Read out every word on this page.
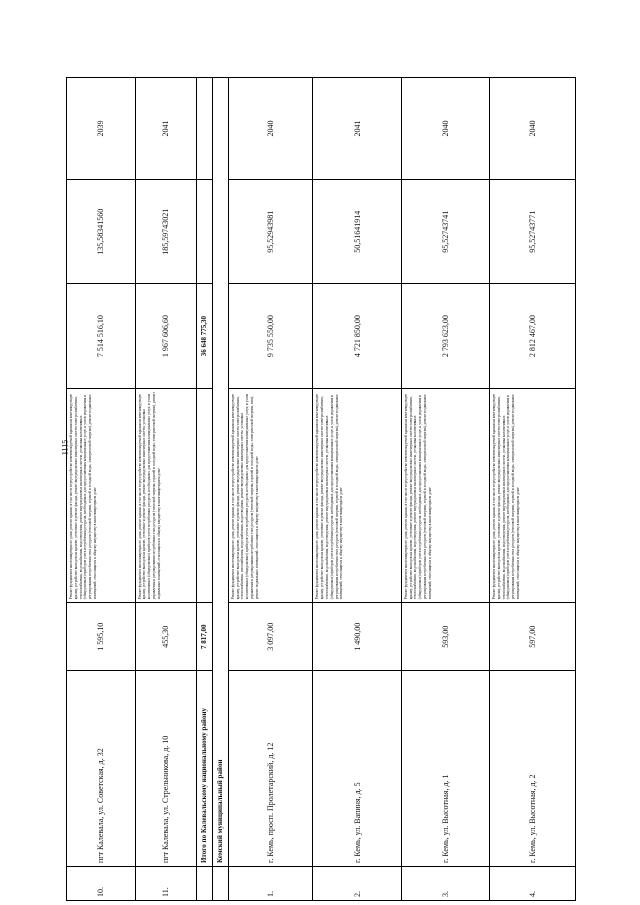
1115
10.	пгт Калевала, ул. Советская, д. 32	1 595,10	Ремонт фундамента многоквартирного дома, ремонт крыши, в том числе переустройство невентилируемой крыши на вентилируемую крышу, устройство выходов на кровлю, утепление и ремонт фасада, ремонт внутридомовых инженерных систем электроснабжения, теплоснабжения, водоснабжения, водоотведения, ремонт внутридомовых инженерных систем, установка коллективных (общедомовых) приборов учета потребления ресурсов, необходимых для предоставления коммунальных услуг, и узлов управления и регулирования потребления этих ресурсов (тепловой энергии, горячей и холодной воды, электрической энергии), ремонт подвальных помещений, относящихся к общему имуществу в многоквартирном доме	7 514 516,10	135,58341560	2039
11.	пгт Калевала, ул. Стрельникова, д. 10	455,30	Ремонт фундамента многоквартирного дома, ремонт крыши, в том числе переустройство невентилируемой крыши на вентилируемую крышу, устройство выходов на кровлю, утепление и ремонт фасада, ремонт внутридомовых инженерных систем, установка коллективных (общедомовых) приборов учета потребления ресурсов, необходимых для предоставления коммунальных услуг, и узлов управления и регулирования потребления этих ресурсов (тепловой энергии, горячей и холодной воды, электрической энергии), ремонт подвальных помещений, относящихся к общему имуществу в многоквартирном доме	1 967 606,60	185,59743021	2041
	Итого по Калевальскому национальному району	7 817,00		36 648 775,30		
	Кемский муниципальный район					
1.	г. Кемь, просп. Пролетарский, д. 12	3 097,00	Ремонт фундамента многоквартирного дома, ремонт крыши, в том числе переустройство невентилируемой крыши на вентилируемую крышу, устройство выходов на кровлю, утепление и ремонт фасада, ремонт внутридомовых инженерных систем электроснабжения, теплоснабжения, газоснабжения, водоснабжения, водоотведения, ремонт внутридомовых инженерных систем, установка коллективных (общедомовых) приборов учета потребления ресурсов, необходимых для предоставления коммунальных услуг, и узлов управления и регулирования потребления этих ресурсов (тепловой энергии, горячей и холодной воды, электрической энергии, газа), ремонт подвальных помещений, относящихся к общему имуществу в многоквартирном доме	9 735 550,00	95,52943981	2040
2.	г. Кемь, ул. Вапиня, д. 5	1 490,00	Ремонт фундамента многоквартирного дома, ремонт крыши, в том числе переустройство невентилируемой крыши на вентилируемую крышу, устройство выходов на кровлю, утепление и ремонт фасада, ремонт внутридомовых инженерных систем электроснабжения, теплоснабжения, водоснабжения, водоотведения, ремонт внутридомовых инженерных систем, установка коллективных (общедомовых) приборов учета потребления ресурсов, необходимых для предоставления коммунальных услуг, и узлов управления и регулирования потребления этих ресурсов (тепловой энергии, горячей и холодной воды, электрической энергии), ремонт подвальных помещений, относящихся к общему имуществу в многоквартирном доме	4 721 850,00	50,51641914	2041
3.	г. Кемь, ул. Высотная, д. 1	593,00	Ремонт фундамента многоквартирного дома, ремонт крыши, в том числе переустройство невентилируемой крыши на вентилируемую крышу, устройство выходов на кровлю, утепление и ремонт фасада, ремонт внутридомовых инженерных систем электроснабжения, теплоснабжения, водоснабжения, водоотведения, ремонт внутридомовых инженерных систем, установка коллективных (общедомовых) приборов учета потребления ресурсов, необходимых для предоставления коммунальных услуг, и узлов управления и регулирования потребления этих ресурсов (тепловой энергии, горячей и холодной воды, электрической энергии), ремонт подвальных помещений, относящихся к общему имуществу в многоквартирном доме	2 793 623,00	95,52743741	2040
4.	г. Кемь, ул. Высотная, д. 2	597,00	Ремонт фундамента многоквартирного дома, ремонт крыши, в том числе переустройство невентилируемой крыши на вентилируемую крышу, устройство выходов на кровлю, утепление и ремонт фасада, ремонт внутридомовых инженерных систем электроснабжения, теплоснабжения, водоснабжения, водоотведения, ремонт внутридомовых инженерных систем, установка коллективных (общедомовых) приборов учета потребления ресурсов, необходимых для предоставления коммунальных услуг, и узлов управления и регулирования потребления этих ресурсов (тепловой энергии, горячей и холодной воды, электрической энергии), ремонт подвальных помещений, относящихся к общему имуществу в многоквартирном доме	2 812 467,00	95,52743771	2040
